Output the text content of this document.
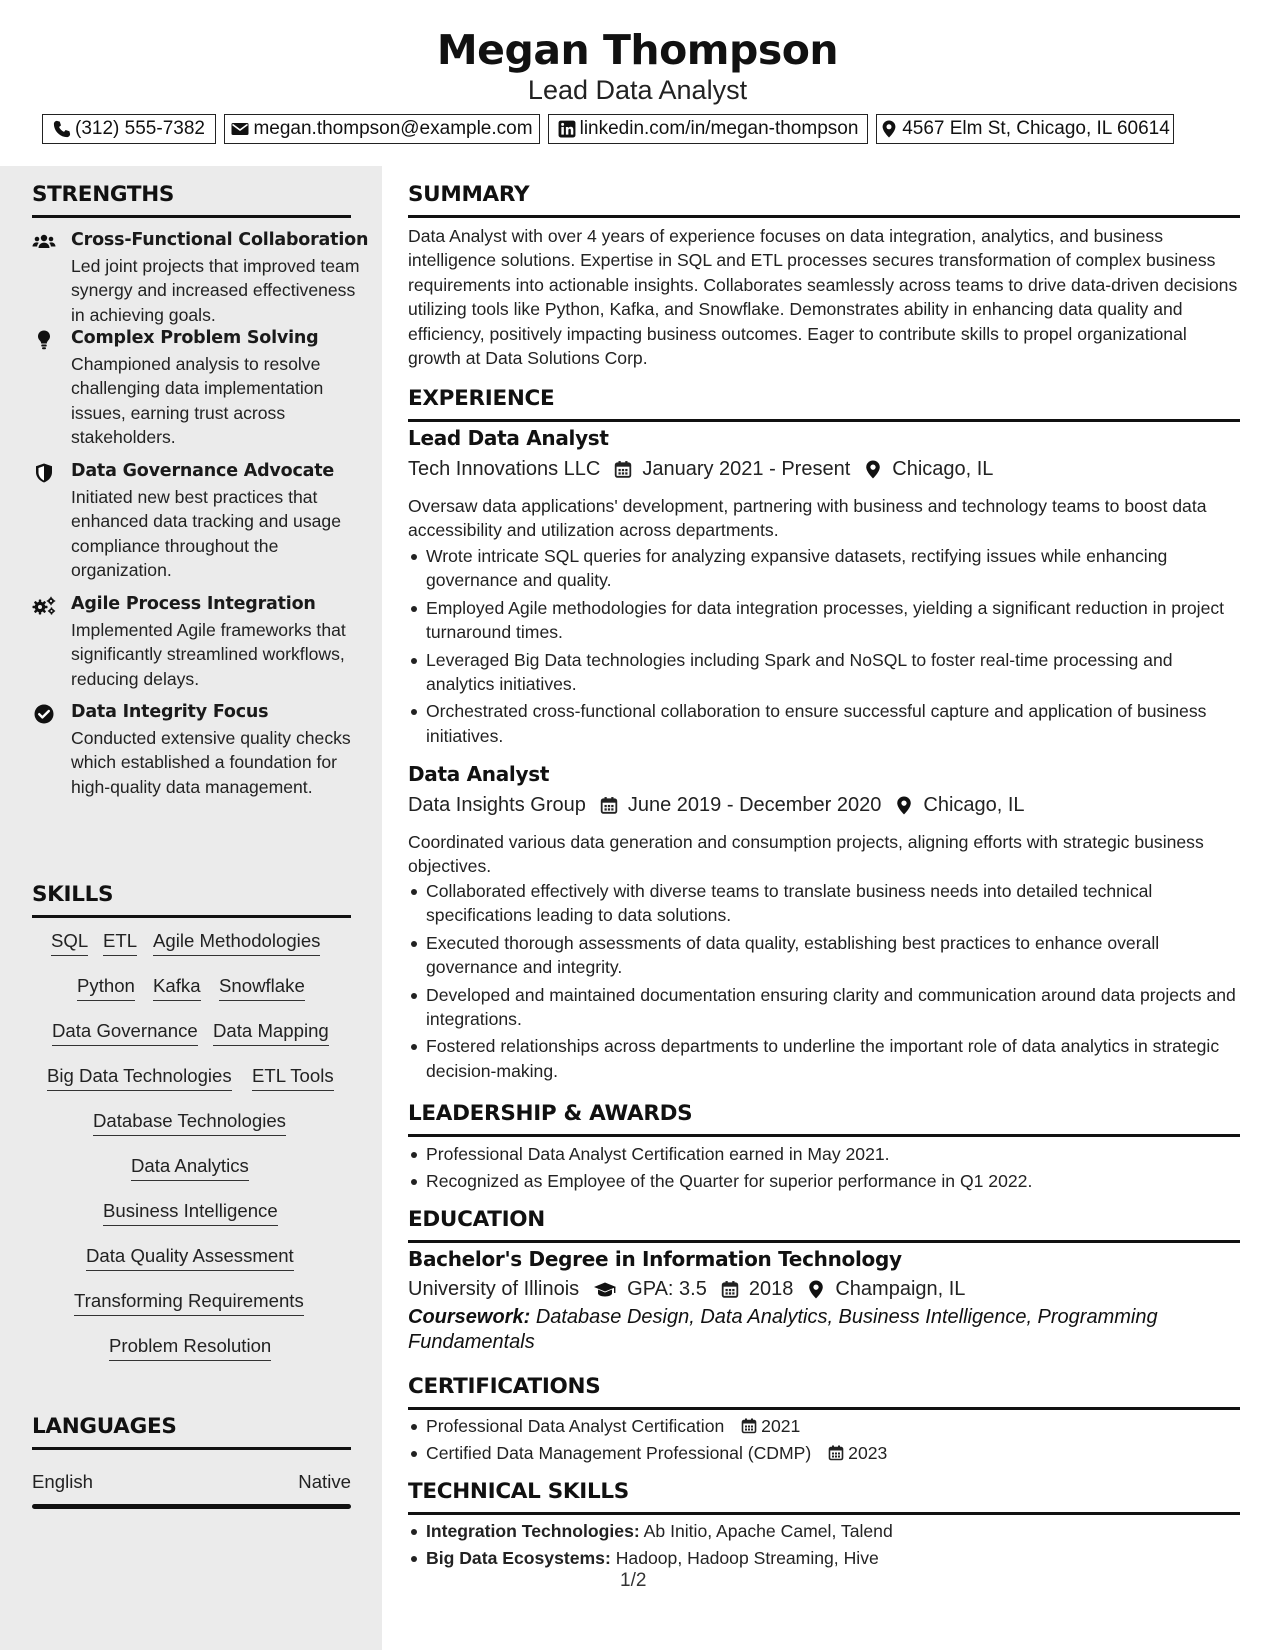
Megan Thompson
Lead Data Analyst
(312) 555-7382	megan.thompson@example.com linkedin.com/in/megan-thompson 4567 Elm St, Chicago, IL 60614
STRENGTHS
Cross-Functional Collaboration
Led joint projects that improved team synergy and increased effectiveness in achieving goals.
Complex Problem Solving
Championed analysis to resolve challenging data implementation issues, earning trust across stakeholders.
Data Governance Advocate
Initiated new best practices that enhanced data tracking and usage compliance throughout the organization.
Agile Process Integration
Implemented Agile frameworks that significantly streamlined workflows, reducing delays.
Data Integrity Focus
Conducted extensive quality checks which established a foundation for high-quality data management.
SKILLS
SQL ETL Agile Methodologies
Python Kafka Snowflake
Data Governance Data Mapping
Big Data Technologies ETL Tools
Database Technologies
Data Analytics
Business Intelligence
Data Quality Assessment
Transforming Requirements
Problem Resolution
LANGUAGES
English	Native
SUMMARY
Data Analyst with over 4 years of experience focuses on data integration, analytics, and business intelligence solutions. Expertise in SQL and ETL processes secures transformation of complex business requirements into actionable insights. Collaborates seamlessly across teams to drive data-driven decisions utilizing tools like Python, Kafka, and Snowflake. Demonstrates ability in enhancing data quality and efficiency, positively impacting business outcomes. Eager to contribute skills to propel organizational growth at Data Solutions Corp.
EXPERIENCE
Lead Data Analyst
Tech Innovations LLC January 2021 - Present Chicago, IL
Oversaw data applications' development, partnering with business and technology teams to boost data accessibility and utilization across departments.
Wrote intricate SQL queries for analyzing expansive datasets, rectifying issues while enhancing governance and quality.
Employed Agile methodologies for data integration processes, yielding a significant reduction in project turnaround times.
Leveraged Big Data technologies including Spark and NoSQL to foster real-time processing and analytics initiatives.
Orchestrated cross-functional collaboration to ensure successful capture and application of business initiatives.
Data Analyst
Data Insights Group June 2019 - December 2020 Chicago, IL
Coordinated various data generation and consumption projects, aligning efforts with strategic business objectives.
Collaborated effectively with diverse teams to translate business needs into detailed technical specifications leading to data solutions.
Executed thorough assessments of data quality, establishing best practices to enhance overall governance and integrity.
Developed and maintained documentation ensuring clarity and communication around data projects and integrations.
Fostered relationships across departments to underline the important role of data analytics in strategic decision-making.
LEADERSHIP & AWARDS
Professional Data Analyst Certification earned in May 2021.
Recognized as Employee of the Quarter for superior performance in Q1 2022.
EDUCATION
Bachelor's Degree in Information Technology
University of Illinois GPA: 3.5 2018 Champaign, IL
Coursework: Database Design, Data Analytics, Business Intelligence, Programming Fundamentals
CERTIFICATIONS
Professional Data Analyst Certification 2021
Certified Data Management Professional (CDMP) 2023
TECHNICAL SKILLS
Integration Technologies: Ab Initio, Apache Camel, Talend
Big Data Ecosystems: Hadoop, Hadoop Streaming, Hive
1/2
